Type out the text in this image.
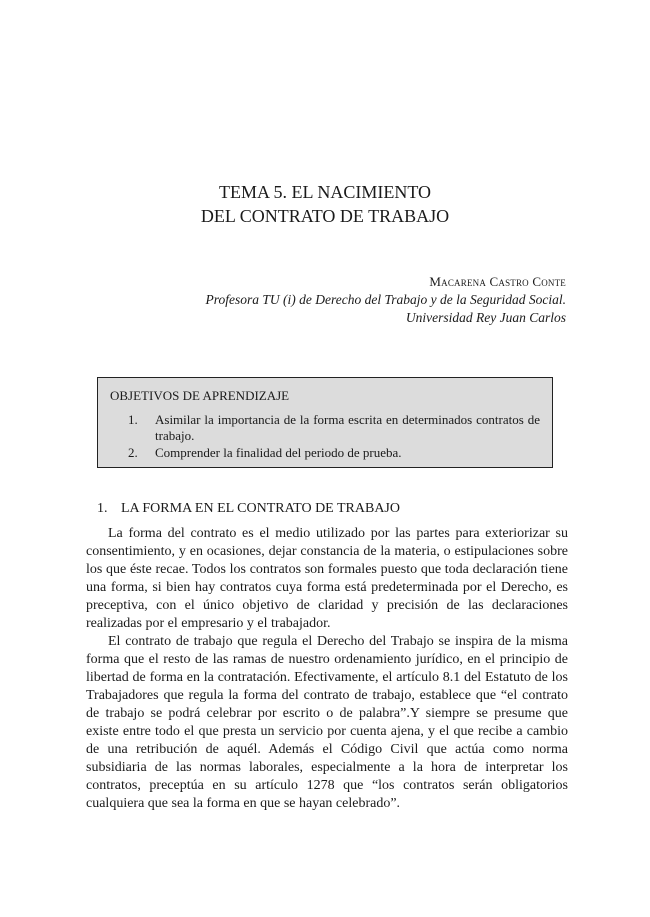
TEMA 5. EL NACIMIENTO
DEL CONTRATO DE TRABAJO
Macarena Castro Conte
Profesora TU (i) de Derecho del Trabajo y de la Seguridad Social.
Universidad Rey Juan Carlos
OBJETIVOS DE APRENDIZAJE
1. Asimilar la importancia de la forma escrita en determinados contratos de trabajo.
2. Comprender la finalidad del periodo de prueba.
1. LA FORMA EN EL CONTRATO DE TRABAJO

La forma del contrato es el medio utilizado por las partes para exteriorizar su consentimiento, y en ocasiones, dejar constancia de la materia, o estipulaciones sobre los que éste recae. Todos los contratos son formales puesto que toda declaración tiene una forma, si bien hay contratos cuya forma está predeterminada por el Derecho, es preceptiva, con el único objetivo de claridad y precisión de las declaraciones realizadas por el empresario y el trabajador.

El contrato de trabajo que regula el Derecho del Trabajo se inspira de la misma forma que el resto de las ramas de nuestro ordenamiento jurídico, en el principio de libertad de forma en la contratación. Efectivamente, el artículo 8.1 del Estatuto de los Trabajadores que regula la forma del contrato de trabajo, establece que “el contrato de trabajo se podrá celebrar por escrito o de palabra”.Y siempre se presume que existe entre todo el que presta un servicio por cuenta ajena, y el que recibe a cambio de una retribución de aquél. Además el Código Civil que actúa como norma subsidiaria de las normas laborales, especialmente a la hora de interpretar los contratos, preceptúa en su artículo 1278 que “los contratos serán obligatorios cualquiera que sea la forma en que se hayan celebrado”.
